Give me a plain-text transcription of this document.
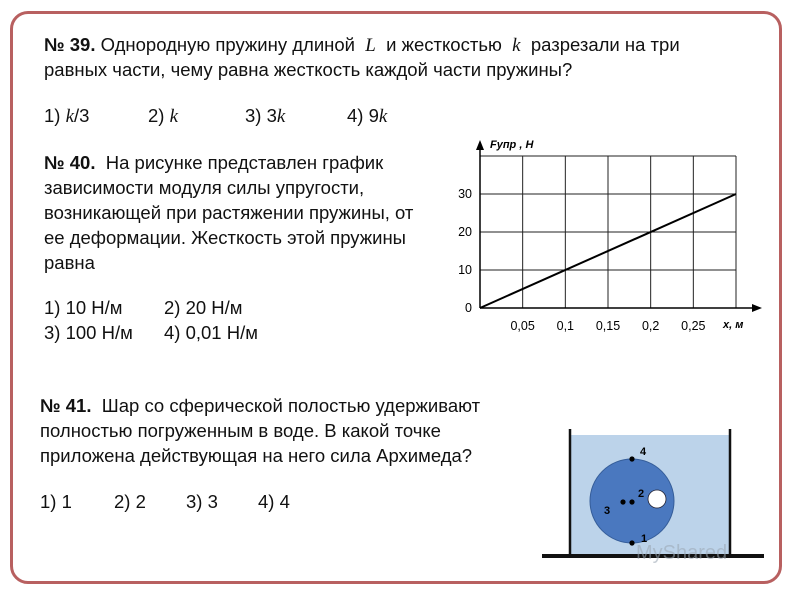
№ 39. Однородную пружину длиной L и жесткостью k разрезали на три
равных части, чему равна жесткость каждой части пружины?
1) k/3	2) k	3) 3k	4) 9k
№ 40. На рисунке представлен график
зависимости модуля силы упругости,
возникающей при растяжении пружины, от
ее деформации. Жесткость этой пружины
равна
1) 10 Н/м 2) 20 Н/м
3) 100 Н/м 4) 0,01 Н/м	0,05 0,1 0,15 0,2 0,25
0
10
20
30
Fупр , Н
x, м
№ 41. Шар со сферической полостью удерживают
полностью погруженным в воде. В какой точке
приложена действующая на него сила Архимеда?
1) 1 2) 2 3) 3 4) 4
4
2
3
1
MyShared
